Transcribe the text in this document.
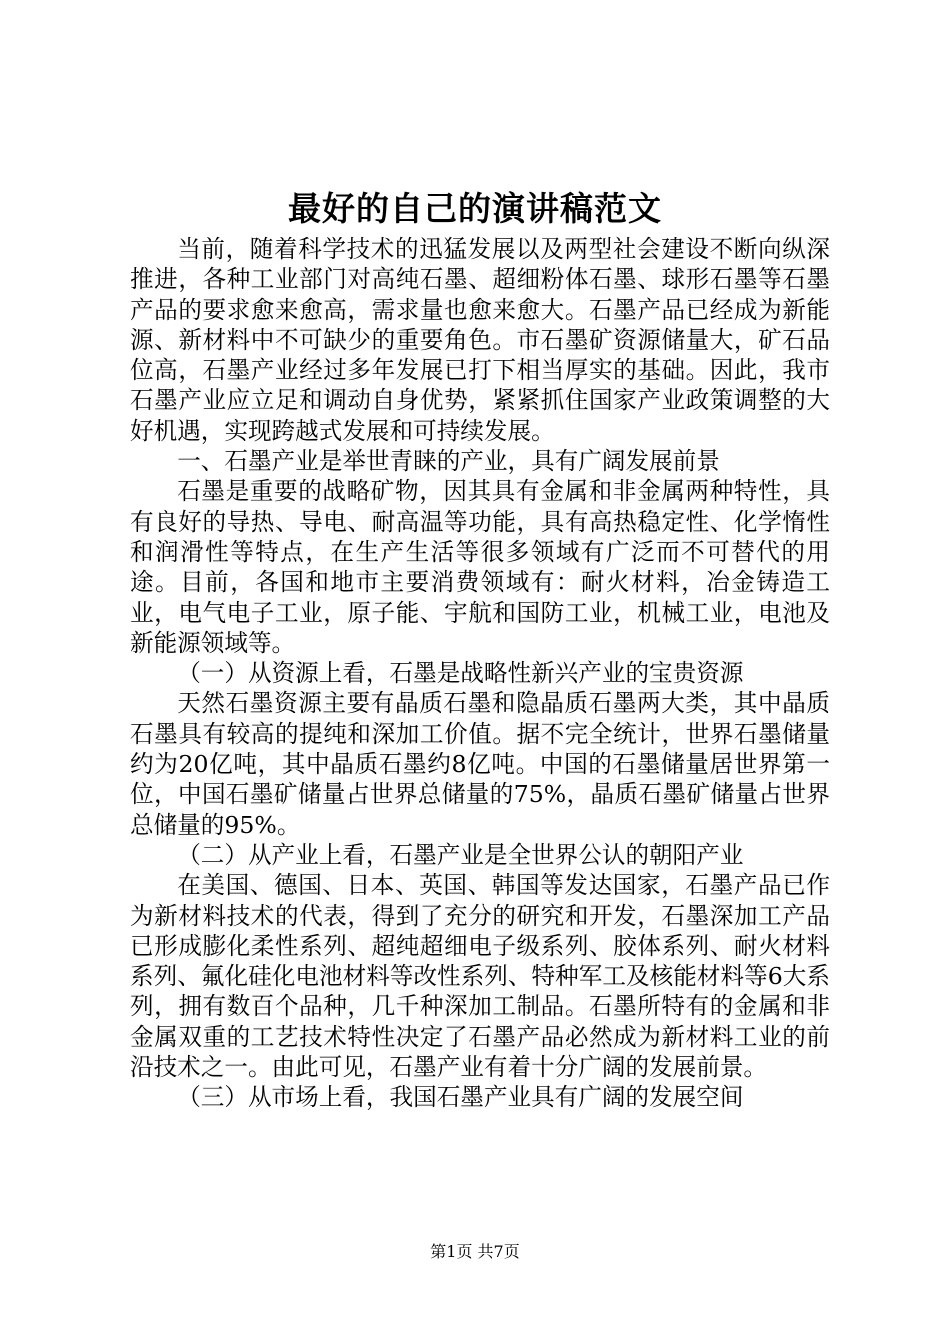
最好的自己的演讲稿范文

当前，随着科学技术的迅猛发展以及两型社会建设不断向纵深推进，各种工业部门对高纯石墨、超细粉体石墨、球形石墨等石墨产品的要求愈来愈高，需求量也愈来愈大。石墨产品已经成为新能源、新材料中不可缺少的重要角色。市石墨矿资源储量大，矿石品位高，石墨产业经过多年发展已打下相当厚实的基础。因此，我市石墨产业应立足和调动自身优势，紧紧抓住国家产业政策调整的大好机遇，实现跨越式发展和可持续发展。

一、石墨产业是举世青睐的产业，具有广阔发展前景

石墨是重要的战略矿物，因其具有金属和非金属两种特性，具有良好的导热、导电、耐高温等功能，具有高热稳定性、化学惰性和润滑性等特点，在生产生活等很多领域有广泛而不可替代的用途。目前，各国和地市主要消费领域有：耐火材料，冶金铸造工业，电气电子工业，原子能、宇航和国防工业，机械工业，电池及新能源领域等。

（一）从资源上看，石墨是战略性新兴产业的宝贵资源

天然石墨资源主要有晶质石墨和隐晶质石墨两大类，其中晶质石墨具有较高的提纯和深加工价值。据不完全统计，世界石墨储量约为20亿吨，其中晶质石墨约8亿吨。中国的石墨储量居世界第一位，中国石墨矿储量占世界总储量的75%，晶质石墨矿储量占世界总储量的95%。

（二）从产业上看，石墨产业是全世界公认的朝阳产业

在美国、德国、日本、英国、韩国等发达国家，石墨产品已作为新材料技术的代表，得到了充分的研究和开发，石墨深加工产品已形成膨化柔性系列、超纯超细电子级系列、胶体系列、耐火材料系列、氟化硅化电池材料等改性系列、特种军工及核能材料等6大系列，拥有数百个品种，几千种深加工制品。石墨所特有的金属和非金属双重的工艺技术特性决定了石墨产品必然成为新材料工业的前沿技术之一。由此可见，石墨产业有着十分广阔的发展前景。

（三）从市场上看，我国石墨产业具有广阔的发展空间

第1页 共7页
